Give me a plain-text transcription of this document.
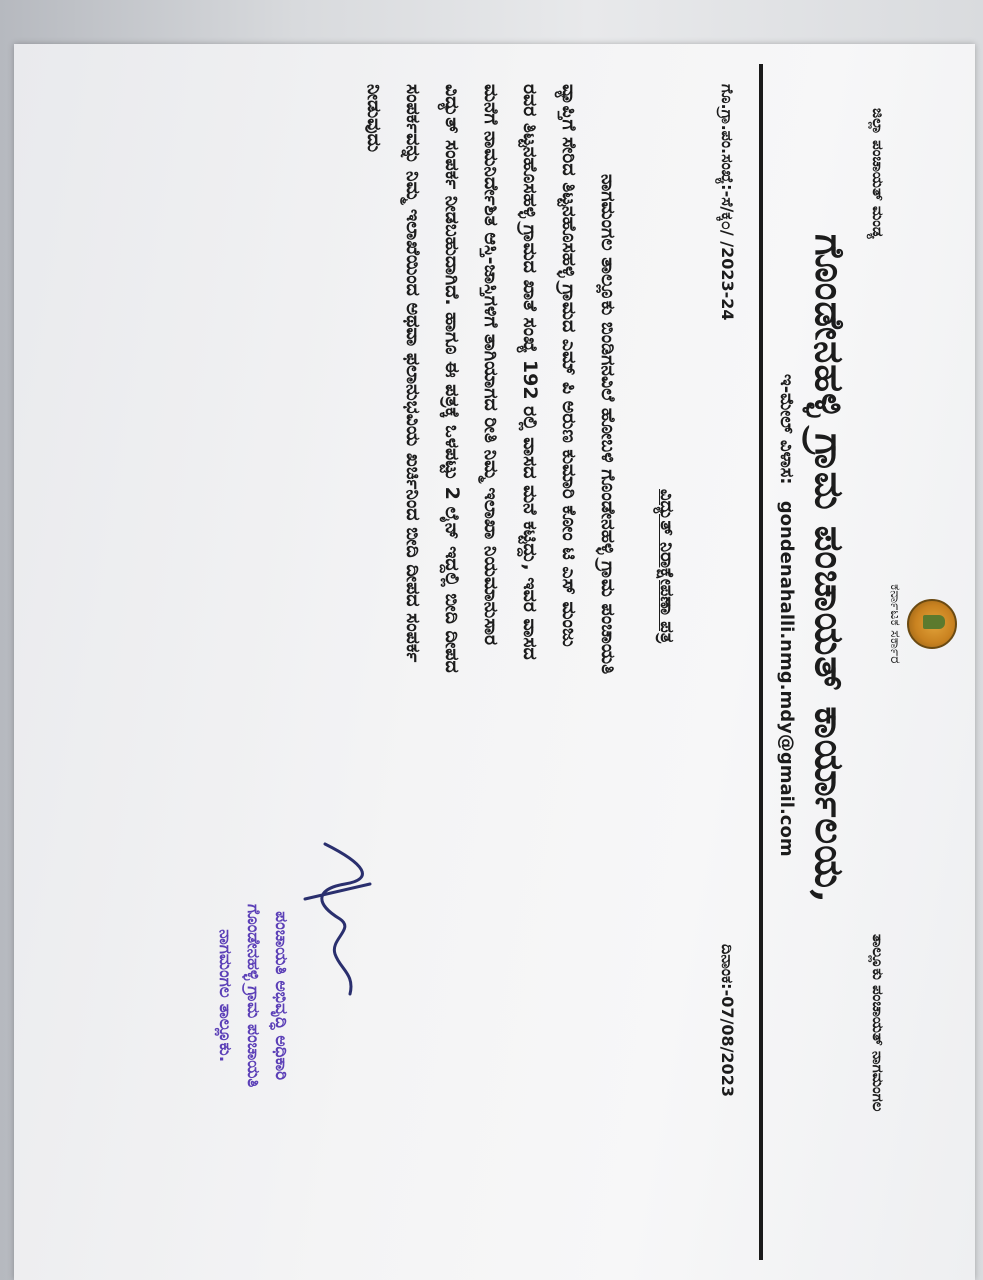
ಕರ್ನಾಟಕ ಸರ್ಕಾರ
ಜಿಲ್ಲಾ ಪಂಚಾಯತ್ ಮಂಡ್ಯ
ತಾಲ್ಲೂಕು ಪಂಚಾಯತ್ ನಾಗಮಂಗಲ
ಗೊಂಡೇನಹಳ್ಳಿ ಗ್ರಾಮ ಪಂಚಾಯತ್ ಕಾರ್ಯಾಲಯ,
ಇ-ಮೇಲ್ ವಿಳಾಸ: gondenahalli.nmg.mdy@gmail.com
ಗೊ.ಗ್ರಾ.ಪಂ.ಸಂಖ್ಯೆ:-ಸೆ/ಕ್ಕ೦/ /2023-24
ದಿನಾಂಕ:-07/08/2023
ವಿದ್ಯುತ್ ನಿರಾಕ್ಷೇಪಣಾ ಪತ್ರ

ನಾಗಮಂಗಲ ತಾಲ್ಲೂಕು ಬಿಂಡಿಗನವಿಲೆ ಹೋಬಳಿ ಗೊಂಡೇನಹಳ್ಳಿ ಗ್ರಾಮ ಪಂಚಾಯತಿ

ವ್ಯಾಪ್ತಿಗೆ ಸೇರಿದ ತಿಟ್ಟನಹೊಸಹಳ್ಳಿ ಗ್ರಾಮದ ಎಮ್ ಪಿ ಅರುಣ ಕುಮಾರಿ ಕೋಂ ಟಿ ಎಸ್ ಮಂಜು

ರವರ ತಿಟ್ಟನಹೊಸಹಳ್ಳಿ ಗ್ರಾಮದ ಖಾತೆ ಸಂಖ್ಯೆ 192 ರಲ್ಲಿ ವಾಸದ ಮನೆ ಕಟ್ಟಿದ್ದು, ಇವರ ವಾಸದ

ಮನೆಗೆ ನಾಮನಿರ್ದೇಶಿತ ಆಸ್ತಿ-ಜಾಸ್ತಿಗಳಿಗೆ ತಾಗಿಯಾಗದ ರೀತಿ ನಿಮ್ಮ ಇಲಾಖಾ ನಿಯಮಾನುಸಾರ

ವಿದ್ಯುತ್ ಸಂಪರ್ಕ ನೀಡಬಹುದಾಗಿದೆ. ಹಾಗೂ ಈ ಪತ್ರಕ್ಕೆ ಒಳಪಟ್ಟು 2 ಲೈನ್ ಇದ್ದಲ್ಲಿ ಬೀದಿ ದೀಪದ

ಸಂಪರ್ಕವನ್ನು ನಿಮ್ಮ ಇಲಾಖೆಯಿಂದ ಅಥವಾ ಫಲಾನುಭವಿಯ ಖರ್ಚಿನಿಂದ ಬೀದಿ ದೀಪದ ಸಂಪರ್ಕ

ನೀಡುವುದು

ಪಂಚಾಯತಿ ಅಭಿವೃದ್ಧಿ ಅಧಿಕಾರಿ
ಗೊಂಡೇನಹಳ್ಳಿ ಗ್ರಾಮ ಪಂಚಾಯತಿ
ನಾಗಮಂಗಲ ತಾಲ್ಲೂಕು.
